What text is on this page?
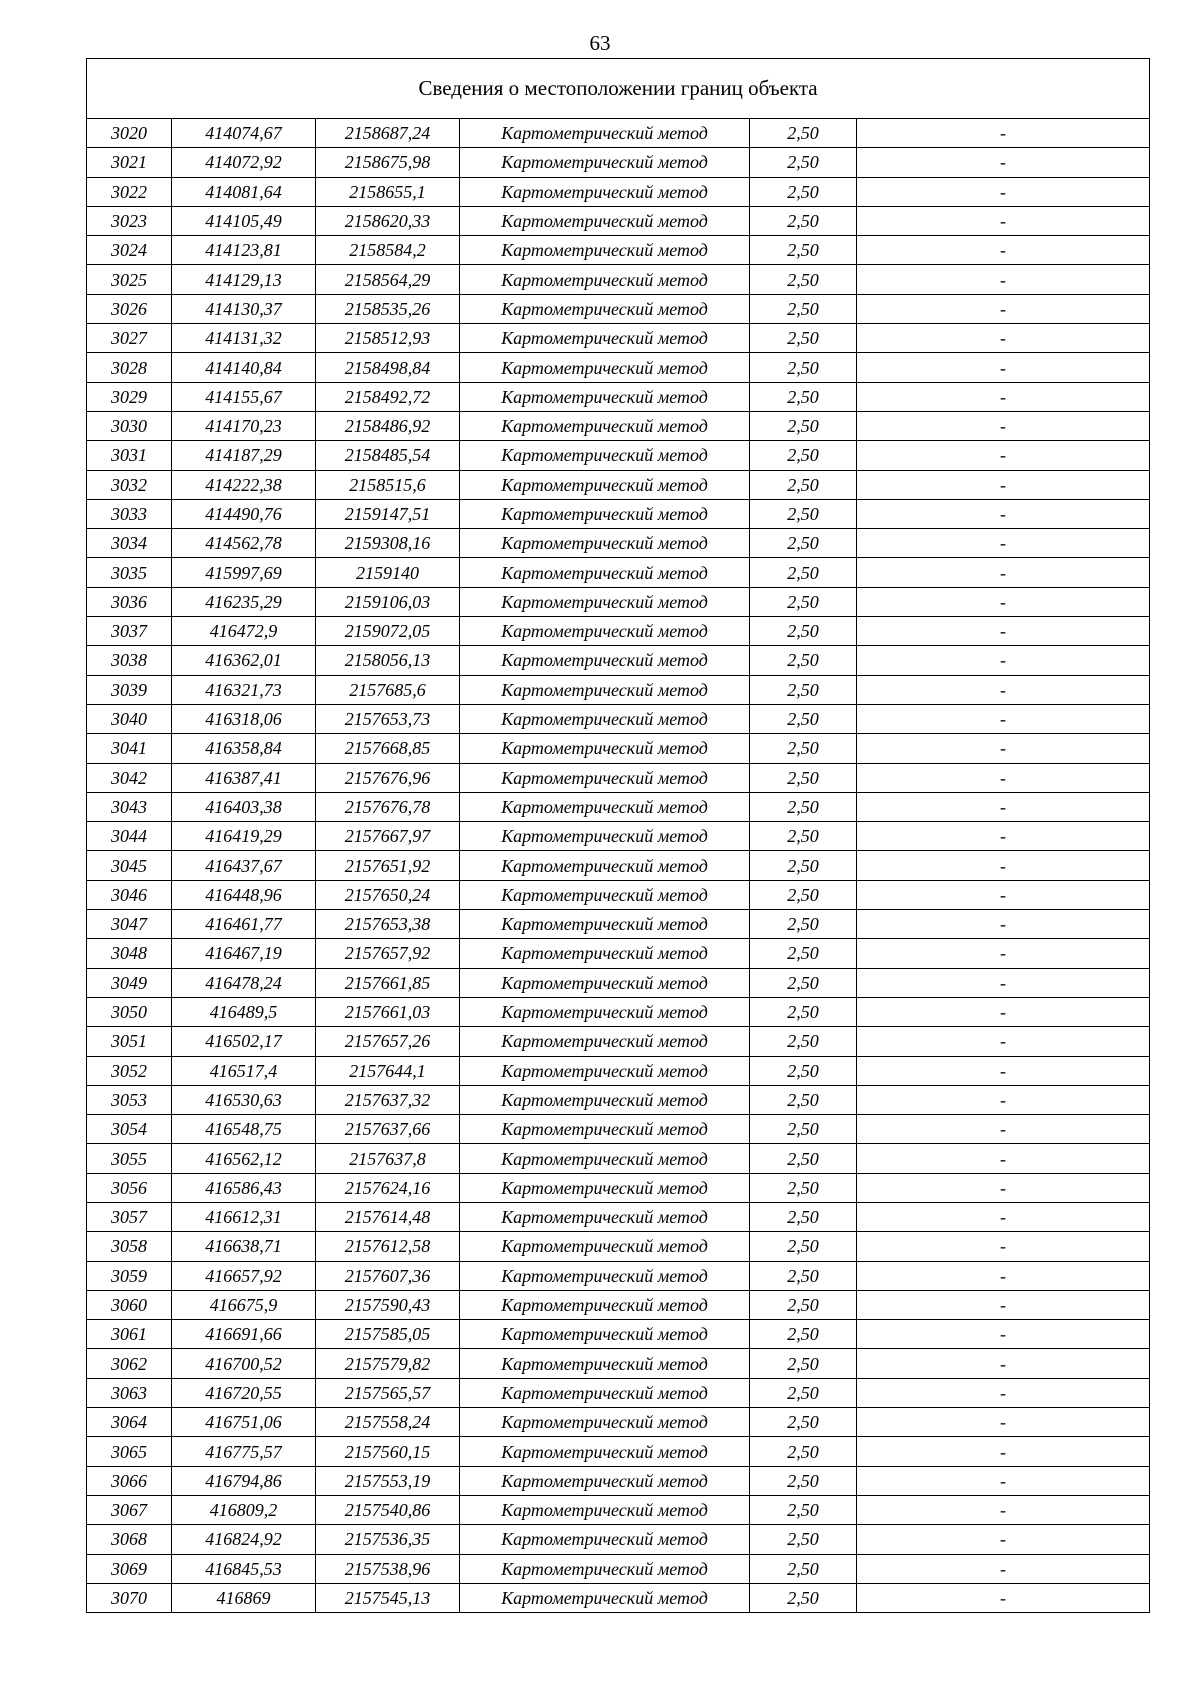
63
Сведения о местоположении границ объекта					
3020	414074,67	2158687,24	Картометрический метод	2,50	-
3021	414072,92	2158675,98	Картометрический метод	2,50	-
3022	414081,64	2158655,1	Картометрический метод	2,50	-
3023	414105,49	2158620,33	Картометрический метод	2,50	-
3024	414123,81	2158584,2	Картометрический метод	2,50	-
3025	414129,13	2158564,29	Картометрический метод	2,50	-
3026	414130,37	2158535,26	Картометрический метод	2,50	-
3027	414131,32	2158512,93	Картометрический метод	2,50	-
3028	414140,84	2158498,84	Картометрический метод	2,50	-
3029	414155,67	2158492,72	Картометрический метод	2,50	-
3030	414170,23	2158486,92	Картометрический метод	2,50	-
3031	414187,29	2158485,54	Картометрический метод	2,50	-
3032	414222,38	2158515,6	Картометрический метод	2,50	-
3033	414490,76	2159147,51	Картометрический метод	2,50	-
3034	414562,78	2159308,16	Картометрический метод	2,50	-
3035	415997,69	2159140	Картометрический метод	2,50	-
3036	416235,29	2159106,03	Картометрический метод	2,50	-
3037	416472,9	2159072,05	Картометрический метод	2,50	-
3038	416362,01	2158056,13	Картометрический метод	2,50	-
3039	416321,73	2157685,6	Картометрический метод	2,50	-
3040	416318,06	2157653,73	Картометрический метод	2,50	-
3041	416358,84	2157668,85	Картометрический метод	2,50	-
3042	416387,41	2157676,96	Картометрический метод	2,50	-
3043	416403,38	2157676,78	Картометрический метод	2,50	-
3044	416419,29	2157667,97	Картометрический метод	2,50	-
3045	416437,67	2157651,92	Картометрический метод	2,50	-
3046	416448,96	2157650,24	Картометрический метод	2,50	-
3047	416461,77	2157653,38	Картометрический метод	2,50	-
3048	416467,19	2157657,92	Картометрический метод	2,50	-
3049	416478,24	2157661,85	Картометрический метод	2,50	-
3050	416489,5	2157661,03	Картометрический метод	2,50	-
3051	416502,17	2157657,26	Картометрический метод	2,50	-
3052	416517,4	2157644,1	Картометрический метод	2,50	-
3053	416530,63	2157637,32	Картометрический метод	2,50	-
3054	416548,75	2157637,66	Картометрический метод	2,50	-
3055	416562,12	2157637,8	Картометрический метод	2,50	-
3056	416586,43	2157624,16	Картометрический метод	2,50	-
3057	416612,31	2157614,48	Картометрический метод	2,50	-
3058	416638,71	2157612,58	Картометрический метод	2,50	-
3059	416657,92	2157607,36	Картометрический метод	2,50	-
3060	416675,9	2157590,43	Картометрический метод	2,50	-
3061	416691,66	2157585,05	Картометрический метод	2,50	-
3062	416700,52	2157579,82	Картометрический метод	2,50	-
3063	416720,55	2157565,57	Картометрический метод	2,50	-
3064	416751,06	2157558,24	Картометрический метод	2,50	-
3065	416775,57	2157560,15	Картометрический метод	2,50	-
3066	416794,86	2157553,19	Картометрический метод	2,50	-
3067	416809,2	2157540,86	Картометрический метод	2,50	-
3068	416824,92	2157536,35	Картометрический метод	2,50	-
3069	416845,53	2157538,96	Картометрический метод	2,50	-
3070	416869	2157545,13	Картометрический метод	2,50	-
